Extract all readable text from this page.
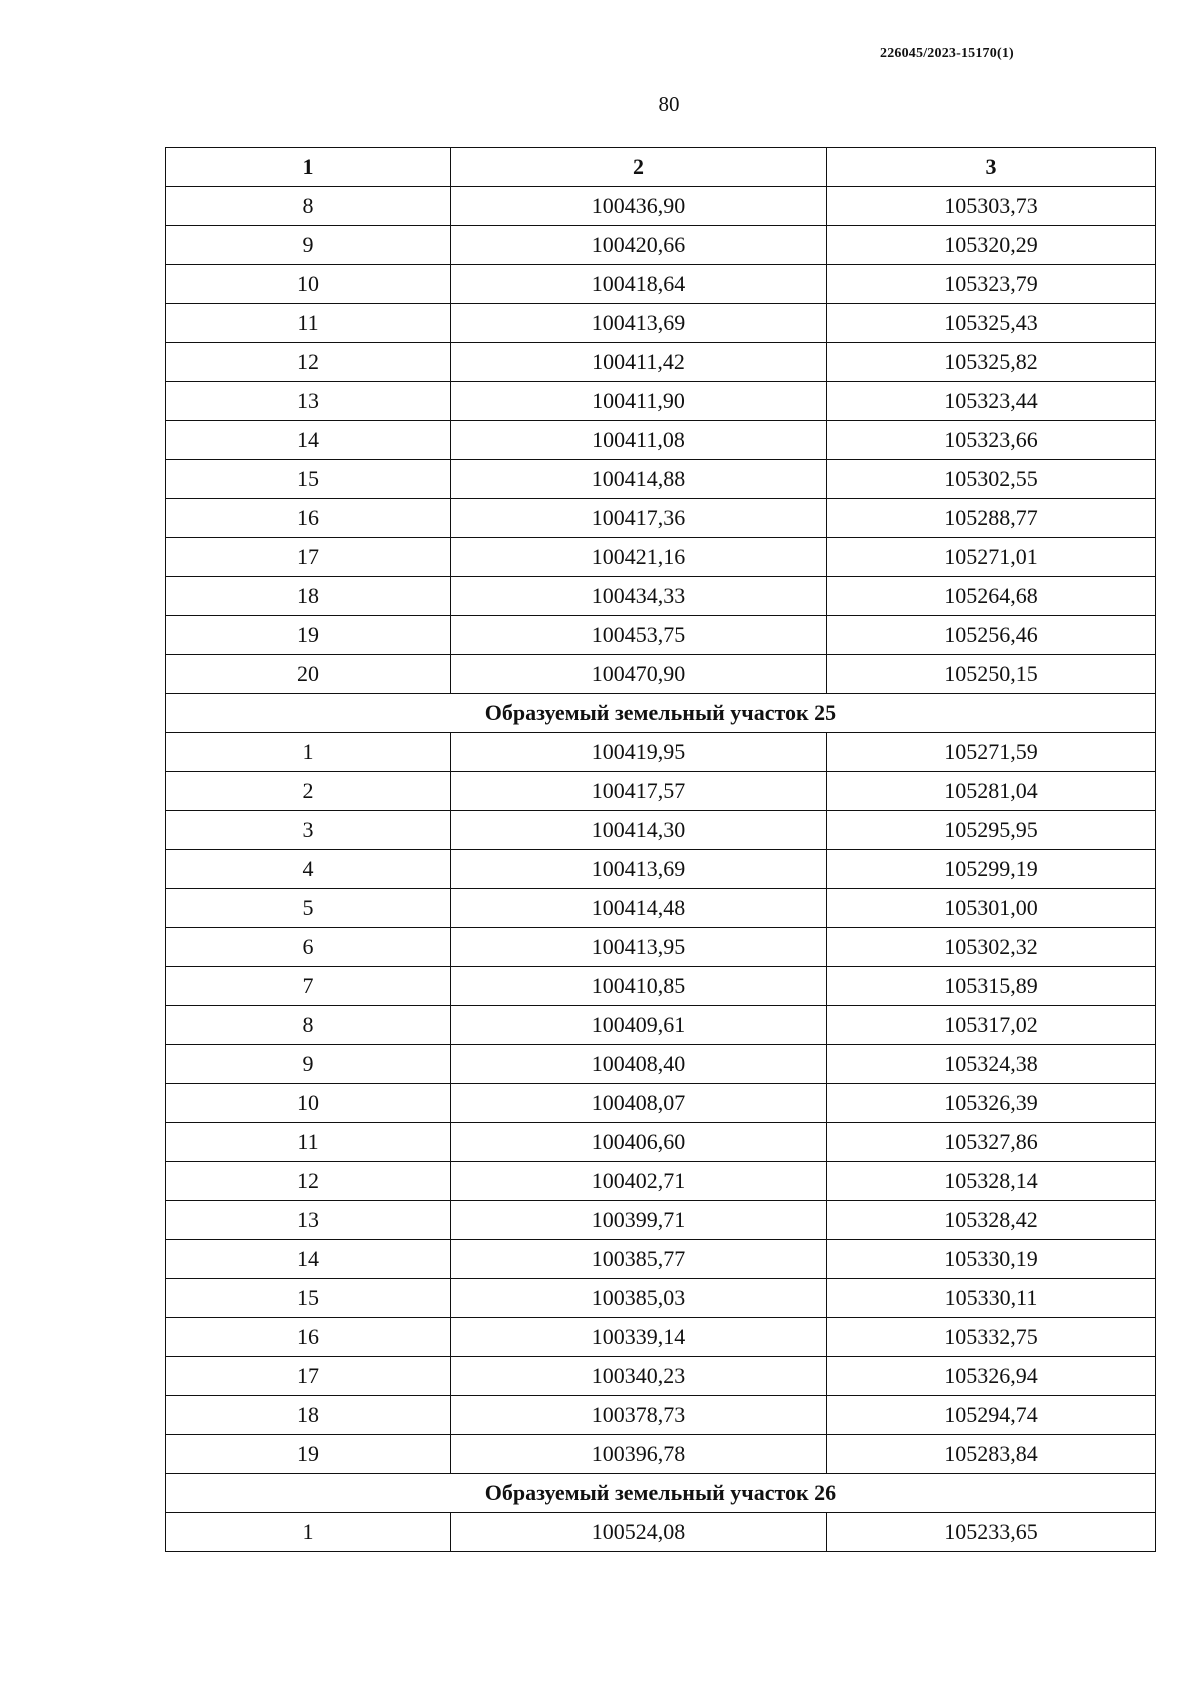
226045/2023-15170(1)
80
1	2	3
8	100436,90	105303,73
9	100420,66	105320,29
10	100418,64	105323,79
11	100413,69	105325,43
12	100411,42	105325,82
13	100411,90	105323,44
14	100411,08	105323,66
15	100414,88	105302,55
16	100417,36	105288,77
17	100421,16	105271,01
18	100434,33	105264,68
19	100453,75	105256,46
20	100470,90	105250,15
Образуемый земельный участок 25		
1	100419,95	105271,59
2	100417,57	105281,04
3	100414,30	105295,95
4	100413,69	105299,19
5	100414,48	105301,00
6	100413,95	105302,32
7	100410,85	105315,89
8	100409,61	105317,02
9	100408,40	105324,38
10	100408,07	105326,39
11	100406,60	105327,86
12	100402,71	105328,14
13	100399,71	105328,42
14	100385,77	105330,19
15	100385,03	105330,11
16	100339,14	105332,75
17	100340,23	105326,94
18	100378,73	105294,74
19	100396,78	105283,84
Образуемый земельный участок 26		
1	100524,08	105233,65
